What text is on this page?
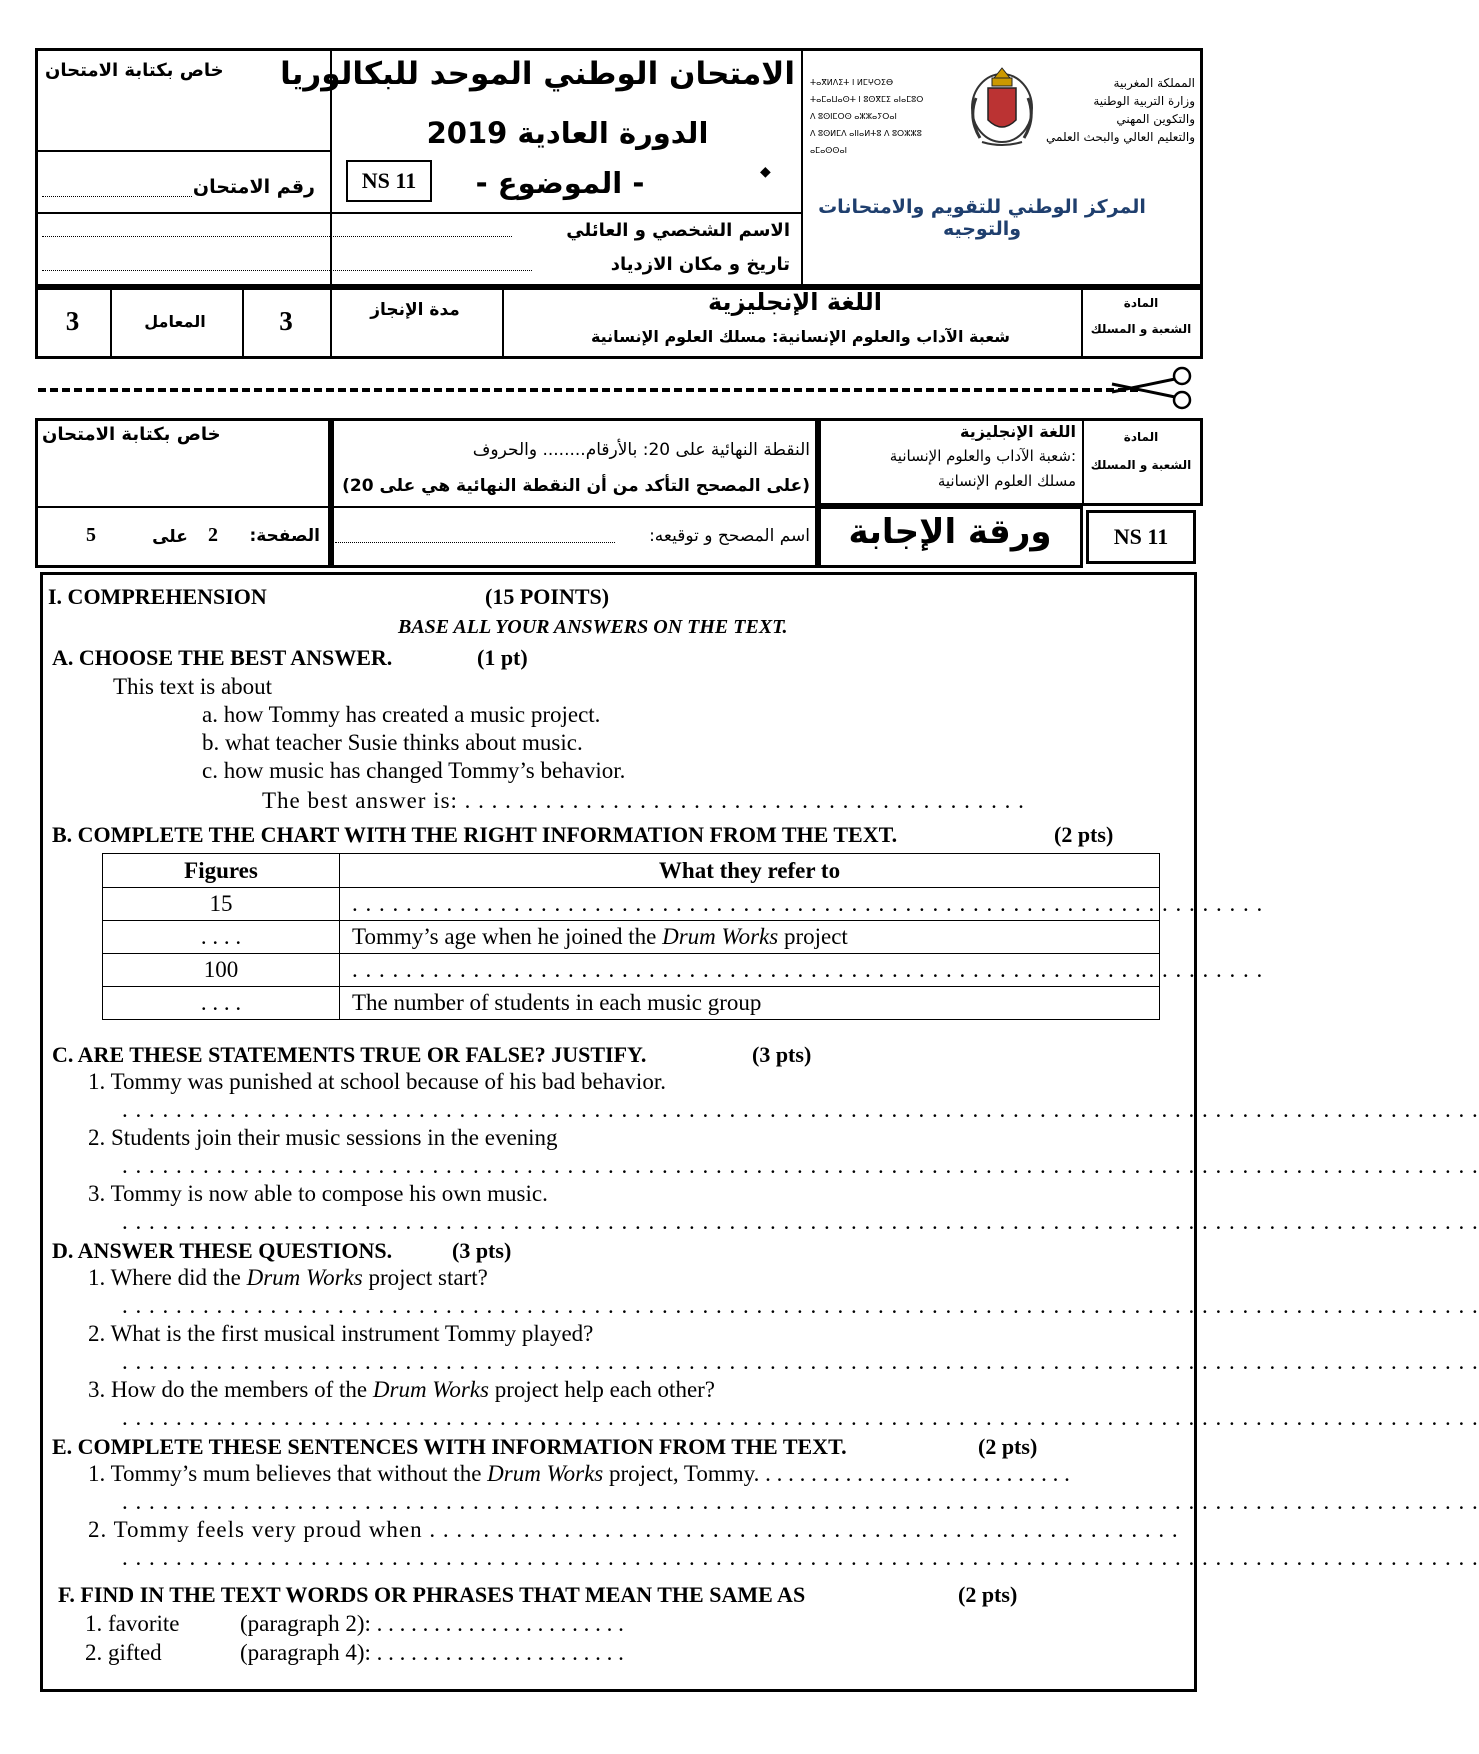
خاص بكتابة الامتحان	الامتحان الوطني الموحد للبكالوريا
الدورة العادية 2019
NS 11	- الموضوع -	◆
رقم الامتحان
الاسم الشخصي و العائلي
تاريخ و مكان الازدياد
ⵜⴰⴳⵍⴷⵉⵜ ⵏ ⵍⵎⵖⵔⵉⴱ
ⵜⴰⵎⴰⵡⴰⵙⵜ ⵏ ⵓⵙⴳⵎⵉ ⴰⵏⴰⵎⵓⵔ
ⴷ ⵓⵙⵏⵎⵔⵙ ⴰⵣⵣⴰⵢⵔⴰⵏ
ⴷ ⵓⵙⵍⵎⴷ ⴰⵏⵏⴰⵍⵜⵓ ⴷ ⵓⵔⵣⵣⵓ ⴰⵎⴰⵙⵙⴰⵏ
المملكة المغربية
وزارة التربية الوطنية
والتكوين المهني
والتعليم العالي والبحث العلمي
المركز الوطني للتقويم والامتحانات والتوجيه
3	المعامل	3	مدة الإنجاز	اللغة الإنجليزية
شعبة الآداب والعلوم الإنسانية: مسلك العلوم الإنسانية
المادة
الشعبة و المسلك
خاص بكتابة الامتحان
الصفحة:
2
على
5
النقطة النهائية على 20: بالأرقام........ والحروف
(على المصحح التأكد من أن النقطة النهائية هي على 20)
اسم المصحح و توقيعه:
اللغة الإنجليزية
:شعبة الآداب والعلوم الإنسانية
مسلك العلوم الإنسانية
المادة
الشعبة و المسلك
ورقة الإجابة	NS 11
I. COMPREHENSION	(15 POINTS)
BASE ALL YOUR ANSWERS ON THE TEXT.
A. CHOOSE THE BEST ANSWER.	(1 pt)
This text is about
a. how Tommy has created a music project.
b. what teacher Susie thinks about music.
c. how music has changed Tommy’s behavior.
The best answer is: . . . . . . . . . . . . . . . . . . . . . . . . . . . . . . . . . . . . . . . . . .
B. COMPLETE THE CHART WITH THE RIGHT INFORMATION FROM THE TEXT.	(2 pts)
Figures	What they refer to
15	. . . . . . . . . . . . . . . . . . . . . . . . . . . . . . . . . . . . . . . . . . . . . . . . . . . . . . . . . . . . . . . . . . . .
. . . .	Tommy’s age when he joined the Drum Works project
100	. . . . . . . . . . . . . . . . . . . . . . . . . . . . . . . . . . . . . . . . . . . . . . . . . . . . . . . . . . . . . . . . . . . .
. . . .	The number of students in each music group
C. ARE THESE STATEMENTS TRUE OR FALSE? JUSTIFY.	(3 pts)
1. Tommy was punished at school because of his bad behavior.
. . . . . . . . . . . . . . . . . . . . . . . . . . . . . . . . . . . . . . . . . . . . . . . . . . . . . . . . . . . . . . . . . . . . . . . . . . . . . . . . . . . . . . . . . . . . . . . . . . . . .
2. Students join their music sessions in the evening
. . . . . . . . . . . . . . . . . . . . . . . . . . . . . . . . . . . . . . . . . . . . . . . . . . . . . . . . . . . . . . . . . . . . . . . . . . . . . . . . . . . . . . . . . . . . . . . . . . . . .
3. Tommy is now able to compose his own music.
. . . . . . . . . . . . . . . . . . . . . . . . . . . . . . . . . . . . . . . . . . . . . . . . . . . . . . . . . . . . . . . . . . . . . . . . . . . . . . . . . . . . . . . . . . . . . . . . . . . . .
D. ANSWER THESE QUESTIONS.	(3 pts)
1. Where did the Drum Works project start?
. . . . . . . . . . . . . . . . . . . . . . . . . . . . . . . . . . . . . . . . . . . . . . . . . . . . . . . . . . . . . . . . . . . . . . . . . . . . . . . . . . . . . . . . . . . . . . . . . . . . .
2. What is the first musical instrument Tommy played?
. . . . . . . . . . . . . . . . . . . . . . . . . . . . . . . . . . . . . . . . . . . . . . . . . . . . . . . . . . . . . . . . . . . . . . . . . . . . . . . . . . . . . . . . . . . . . . . . . . . . .
3. How do the members of the Drum Works project help each other?
. . . . . . . . . . . . . . . . . . . . . . . . . . . . . . . . . . . . . . . . . . . . . . . . . . . . . . . . . . . . . . . . . . . . . . . . . . . . . . . . . . . . . . . . . . . . . . . . . . . . .
E. COMPLETE THESE SENTENCES WITH INFORMATION FROM THE TEXT.	(2 pts)
1. Tommy’s mum believes that without the Drum Works project, Tommy. . . . . . . . . . . . . . . . . . . . . . . . . . . .
. . . . . . . . . . . . . . . . . . . . . . . . . . . . . . . . . . . . . . . . . . . . . . . . . . . . . . . . . . . . . . . . . . . . . . . . . . . . . . . . . . . . . . . . . . . . . . . . . . . . .
2. Tommy feels very proud when . . . . . . . . . . . . . . . . . . . . . . . . . . . . . . . . . . . . . . . . . . . . . . . . . . . . . . . .
. . . . . . . . . . . . . . . . . . . . . . . . . . . . . . . . . . . . . . . . . . . . . . . . . . . . . . . . . . . . . . . . . . . . . . . . . . . . . . . . . . . . . . . . . . . . . . . . . . . . .
F. FIND IN THE TEXT WORDS OR PHRASES THAT MEAN THE SAME AS	(2 pts)
1. favorite	(paragraph 2): . . . . . . . . . . . . . . . . . . . . . .
2. gifted	(paragraph 4): . . . . . . . . . . . . . . . . . . . . . .
